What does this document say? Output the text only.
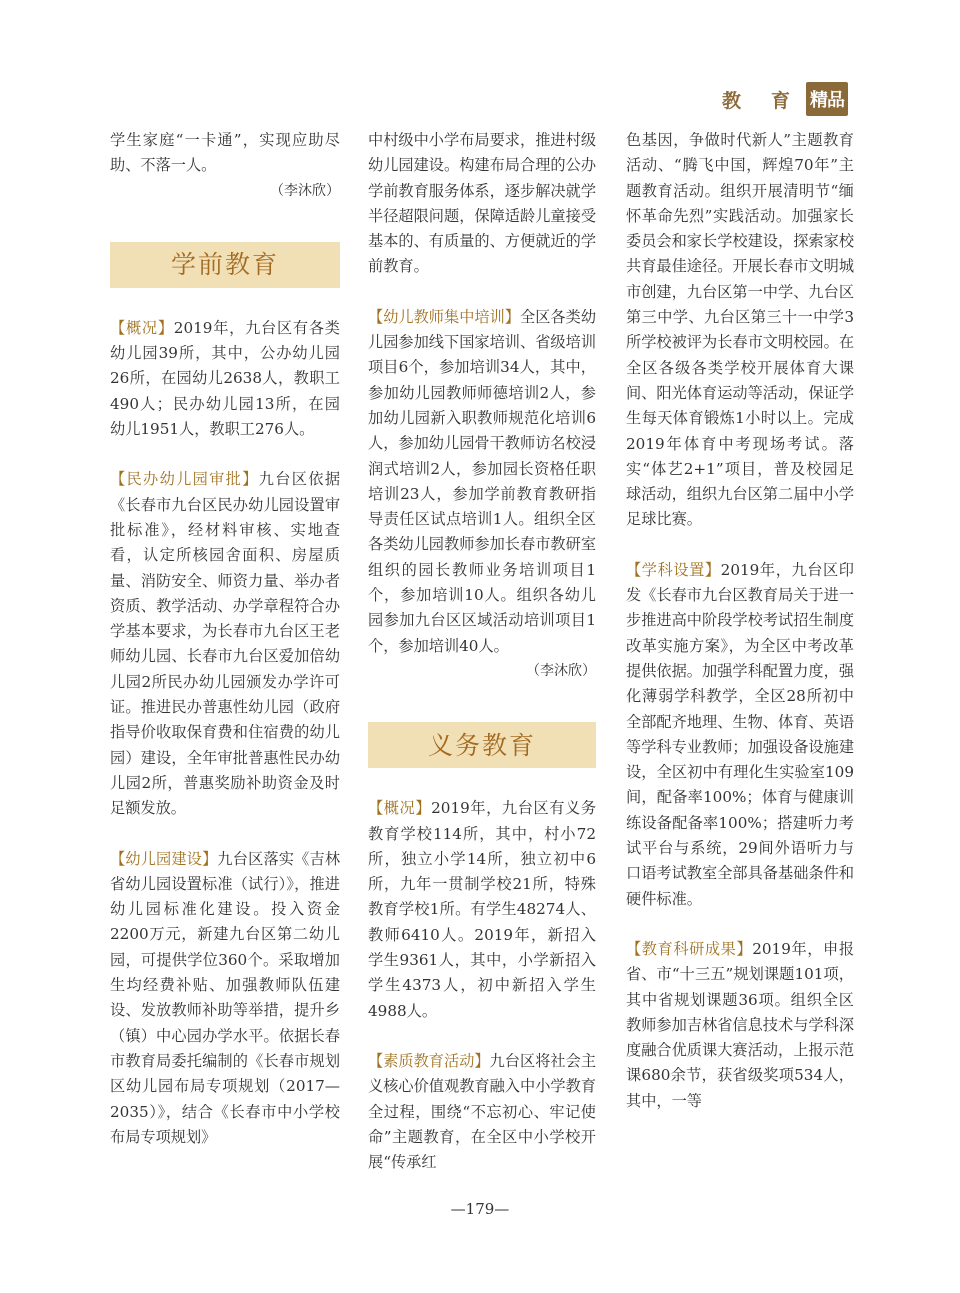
教 育 精品

学生家庭“一卡通”，实现应助尽助、不落一人。

（李沐欣）
学前教育

【概况】2019年，九台区有各类幼儿园39所，其中，公办幼儿园26所，在园幼儿2638人，教职工490人；民办幼儿园13所，在园幼儿1951人，教职工276人。

【民办幼儿园审批】九台区依据《长春市九台区民办幼儿园设置审批标准》，经材料审核、实地查看，认定所核园舍面积、房屋质量、消防安全、师资力量、举办者资质、教学活动、办学章程符合办学基本要求，为长春市九台区王老师幼儿园、长春市九台区爱加倍幼儿园2所民办幼儿园颁发办学许可证。推进民办普惠性幼儿园（政府指导价收取保育费和住宿费的幼儿园）建设，全年审批普惠性民办幼儿园2所，普惠奖励补助资金及时足额发放。

【幼儿园建设】九台区落实《吉林省幼儿园设置标准（试行）》，推进幼儿园标准化建设。投入资金2200万元，新建九台区第二幼儿园，可提供学位360个。采取增加生均经费补贴、加强教师队伍建设、发放教师补助等举措，提升乡（镇）中心园办学水平。依据长春市教育局委托编制的《长春市规划区幼儿园布局专项规划（2017—2035）》，结合《长春市中小学校布局专项规划》

中村级中小学布局要求，推进村级幼儿园建设。构建布局合理的公办学前教育服务体系，逐步解决就学半径超限问题，保障适龄儿童接受基本的、有质量的、方便就近的学前教育。

【幼儿教师集中培训】全区各类幼儿园参加线下国家培训、省级培训项目6个，参加培训34人，其中，参加幼儿园教师师德培训2人，参加幼儿园新入职教师规范化培训6人，参加幼儿园骨干教师访名校浸润式培训2人，参加园长资格任职培训23人，参加学前教育教研指导责任区试点培训1人。组织全区各类幼儿园教师参加长春市教研室组织的园长教师业务培训项目1个，参加培训10人。组织各幼儿园参加九台区区域活动培训项目1个，参加培训40人。

（李沐欣）
义务教育

【概况】2019年，九台区有义务教育学校114所，其中，村小72所，独立小学14所，独立初中6所，九年一贯制学校21所，特殊教育学校1所。有学生48274人、教师6410人。2019年，新招入学生9361人，其中，小学新招入学生4373人，初中新招入学生4988人。

【素质教育活动】九台区将社会主义核心价值观教育融入中小学教育全过程，围绕“不忘初心、牢记使命”主题教育，在全区中小学校开展“传承红

色基因，争做时代新人”主题教育活动、“腾飞中国，辉煌70年”主题教育活动。组织开展清明节“缅怀革命先烈”实践活动。加强家长委员会和家长学校建设，探索家校共育最佳途径。开展长春市文明城市创建，九台区第一中学、九台区第三中学、九台区第三十一中学3所学校被评为长春市文明校园。在全区各级各类学校开展体育大课间、阳光体育运动等活动，保证学生每天体育锻炼1小时以上。完成2019年体育中考现场考试。落实“体艺2+1”项目，普及校园足球活动，组织九台区第二届中小学足球比赛。

【学科设置】2019年，九台区印发《长春市九台区教育局关于进一步推进高中阶段学校考试招生制度改革实施方案》，为全区中考改革提供依据。加强学科配置力度，强化薄弱学科教学，全区28所初中全部配齐地理、生物、体育、英语等学科专业教师；加强设备设施建设，全区初中有理化生实验室109间，配备率100%；体育与健康训练设备配备率100%；搭建听力考试平台与系统，29间外语听力与口语考试教室全部具备基础条件和硬件标准。

【教育科研成果】2019年，申报省、市“十三五”规划课题101项，其中省规划课题36项。组织全区教师参加吉林省信息技术与学科深度融合优质课大赛活动，上报示范课680余节，获省级奖项534人，其中，一等

—179—
